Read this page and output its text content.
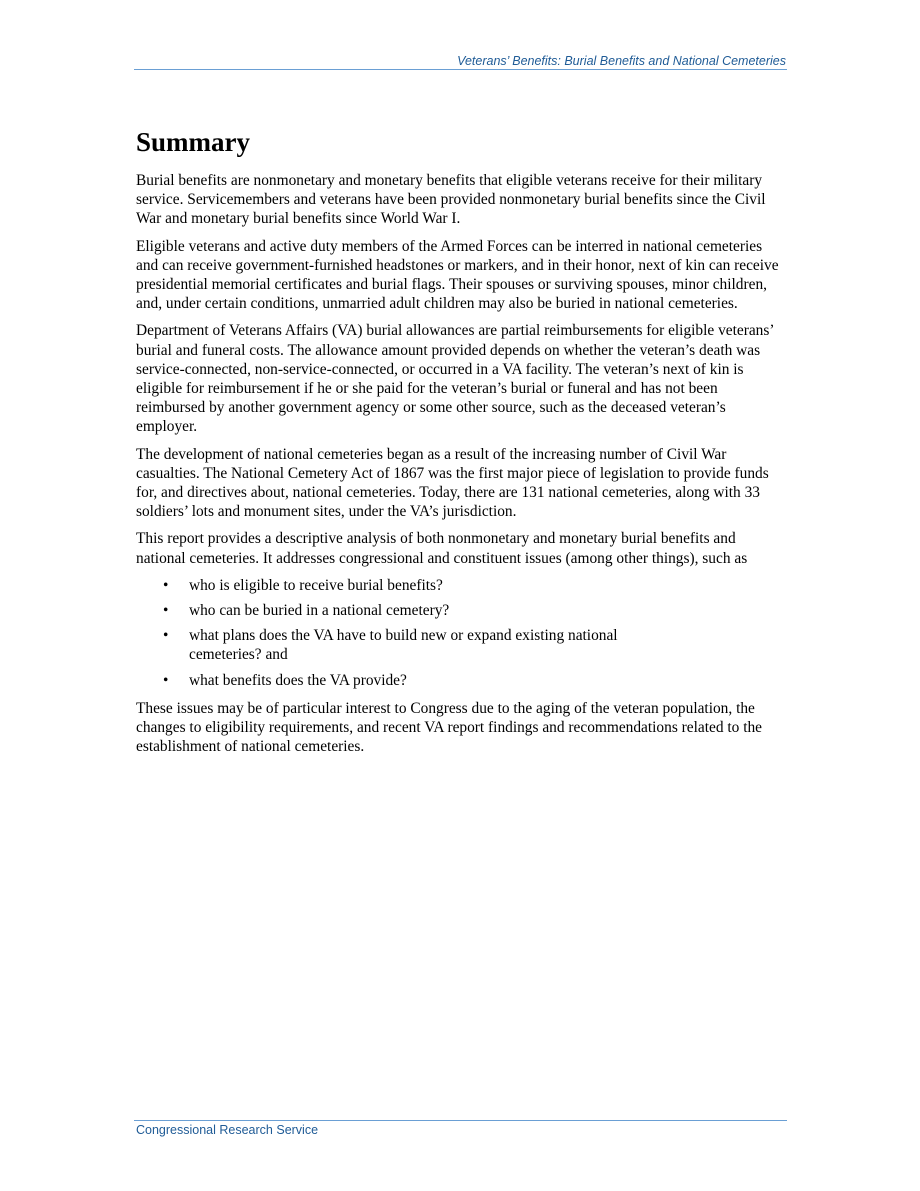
Veterans’ Benefits: Burial Benefits and National Cemeteries
Summary

Burial benefits are nonmonetary and monetary benefits that eligible veterans receive for their military service. Servicemembers and veterans have been provided nonmonetary burial benefits since the Civil War and monetary burial benefits since World War I.

Eligible veterans and active duty members of the Armed Forces can be interred in national cemeteries and can receive government-furnished headstones or markers, and in their honor, next of kin can receive presidential memorial certificates and burial flags. Their spouses or surviving spouses, minor children, and, under certain conditions, unmarried adult children may also be buried in national cemeteries.

Department of Veterans Affairs (VA) burial allowances are partial reimbursements for eligible veterans’ burial and funeral costs. The allowance amount provided depends on whether the veteran’s death was service-connected, non-service-connected, or occurred in a VA facility. The veteran’s next of kin is eligible for reimbursement if he or she paid for the veteran’s burial or funeral and has not been reimbursed by another government agency or some other source, such as the deceased veteran’s employer.

The development of national cemeteries began as a result of the increasing number of Civil War casualties. The National Cemetery Act of 1867 was the first major piece of legislation to provide funds for, and directives about, national cemeteries. Today, there are 131 national cemeteries, along with 33 soldiers’ lots and monument sites, under the VA’s jurisdiction.

This report provides a descriptive analysis of both nonmonetary and monetary burial benefits and national cemeteries. It addresses congressional and constituent issues (among other things), such as

• who is eligible to receive burial benefits?
• who can be buried in a national cemetery?
• what plans does the VA have to build new or expand existing national cemeteries? and
• what benefits does the VA provide?

These issues may be of particular interest to Congress due to the aging of the veteran population, the changes to eligibility requirements, and recent VA report findings and recommendations related to the establishment of national cemeteries.

Congressional Research Service
